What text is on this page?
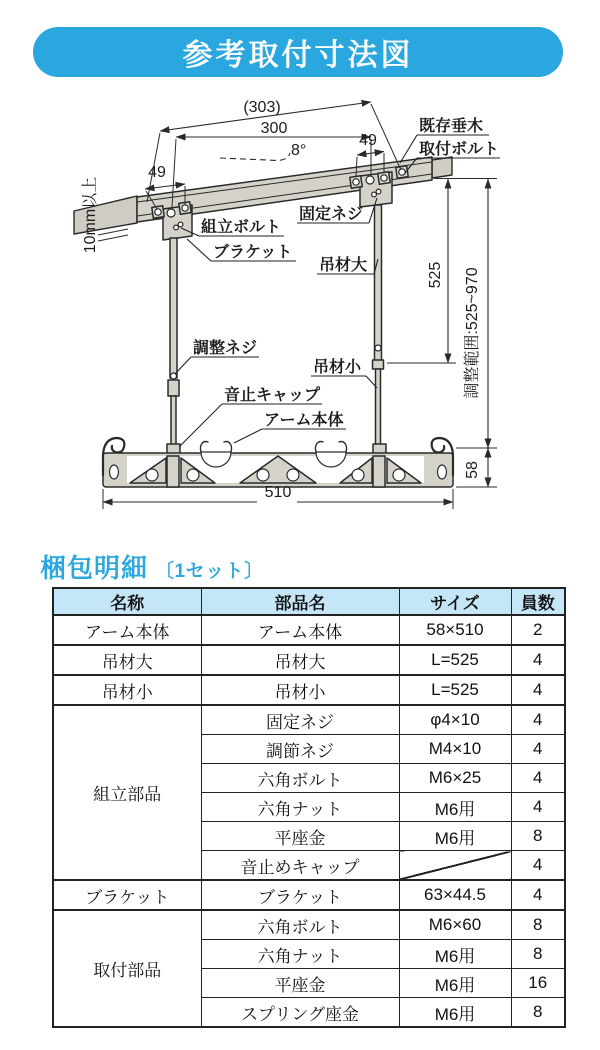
参考取付寸法図
(303)
300
8°
49
49
525 調整範囲:525~970
58
510
10mm以上
既存垂木
取付ボルト
組立ボルト
ブラケット
固定ネジ
吊材大
調整ネジ
吊材小
音止キャップ
アーム本体
梱包明細 〔1セット〕
名称	部品名	サイズ	員数
アーム本体	アーム本体	58×510	2
吊材大	吊材大	L=525	4
吊材小	吊材小	L=525	4
組立部品	固定ネジ	φ4×10	4
	調節ネジ	M4×10	4
	六角ボルト	M6×25	4
	六角ナット	M6用	4
	平座金	M6用	8
	音止めキャップ		4
ブラケット	ブラケット	63×44.5	4
取付部品	六角ボルト	M6×60	8
	六角ナット	M6用	8
	平座金	M6用	16
	スプリング座金	M6用	8
